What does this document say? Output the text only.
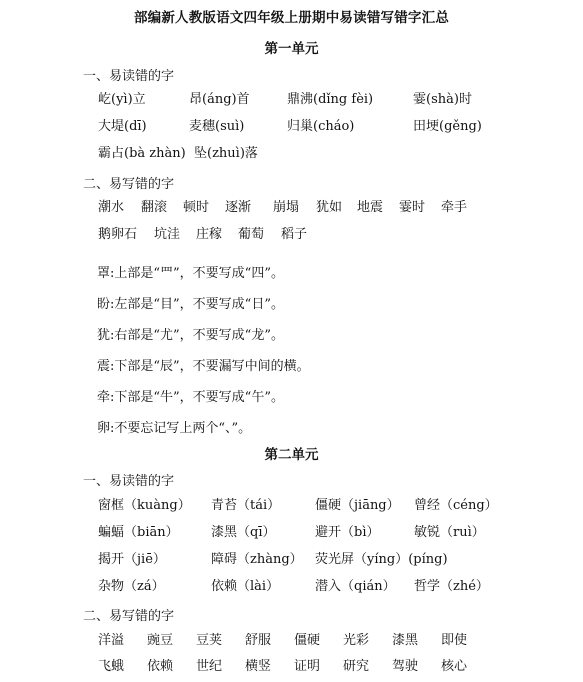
部编新人教版语文四年级上册期中易读错写错字汇总
第一单元
一、易读错的字
屹(yì)立	昂(áng)首	鼎沸(dǐng fèi)	霎(shà)时
大堤(dī)	麦穗(suì)	归巢(cháo)	田埂(gěng)
霸占(bà zhàn) 坠(zhuì)落
二、易写错的字
潮水 翻滚 顿时 逐渐 崩塌 犹如 地震 霎时 牵手
鹅卵石 坑洼 庄稼 葡萄 稻子
罩:上部是“罒”，不要写成“四”。
盼:左部是“目”，不要写成“日”。
犹:右部是“尤”，不要写成“龙”。
震:下部是“辰”，不要漏写中间的横。
牵:下部是“牛”，不要写成“午”。
卵:不要忘记写上两个“、”。
第二单元
一、易读错的字
窗框（kuàng） 青苔（tái）	僵硬（jiāng） 曾经（céng）
蝙蝠（biān） 漆黑（qī）	避开（bì）	敏锐（ruì）
揭开（jiē）	障碍（zhàng） 荧光屏（yíng）(píng)
杂物（zá）	依赖（lài）	潜入（qián） 哲学（zhé）
二、易写错的字
洋溢 豌豆 豆荚 舒服 僵硬 光彩 漆黑 即使
飞蛾 依赖 世纪 横竖 证明 研究 驾驶 核心
